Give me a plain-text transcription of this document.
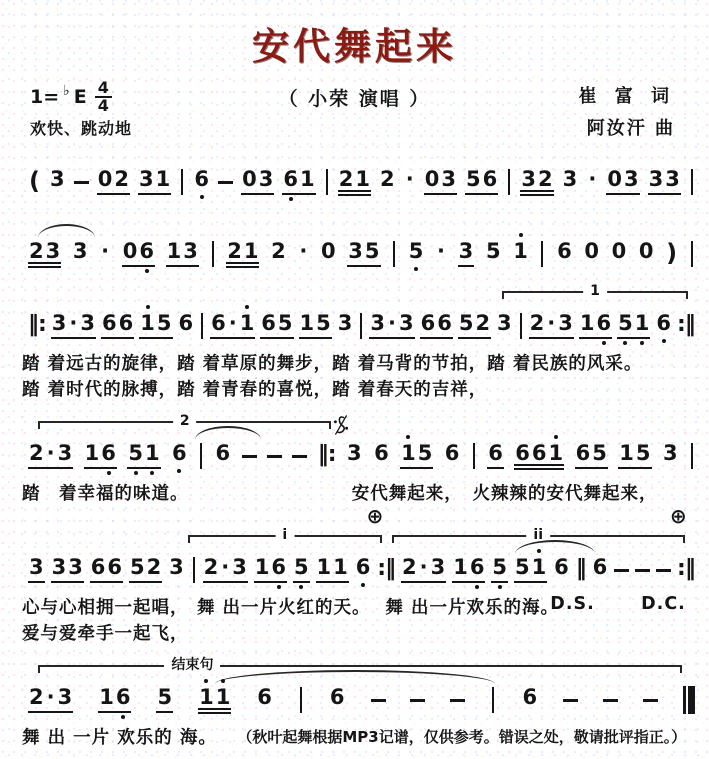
安代舞起来
1= ♭ E 4
4	（ 小荣 演唱 ）	崔 富 词
阿汝汗 曲
欢快、跳动地
( 3 0 2 3 1 6 0 3 6 1 2 1 2 · 0 3 5 6 3 2 3 · 0 3 3 3
2 3 3 · 0 6 1 3 2 1 2 · 0 3 5 5 · 3 5 1 6 0 0 0 )
1
‖: 3 · 3 6 6 1 5 6 6 · 1 6 5 1 5 3 3 · 3 6 6 5 2 3 2 · 3 1 6 5 1 6 :‖
踏 着远古的旋律，踏 着草原的舞步，踏 着马背的节拍，踏 着民族的风采。
踏 着时代的脉搏，踏 着青春的喜悦，踏 着春天的吉祥，
2
2 · 3 1 6 5 1 6 6	‖: 3 6 1 5 6 6 6 6 1 6 5 1 5 3
踏　着幸福的味道。	安代舞起来，　火辣辣的安代舞起来，
⊕	⊕
i	ii
3 3 3 6 6 5 2 3 2 · 3 1 6 5 1 1 6 :‖ 2 · 3 1 6 5 5 1 6 ‖ 6	:‖
心与心相拥一起唱， 舞 出一片火红的天。 舞 出一片欢乐的海。
D.S.	D.C.
爱与爱牵手一起飞，
结束句
2 · 3 1 6 5 1 1 6	6	6
舞 出 一片 欢乐的 海。 （秋叶起舞根据MP3记谱，仅供参考。错误之处，敬请批评指正。）
